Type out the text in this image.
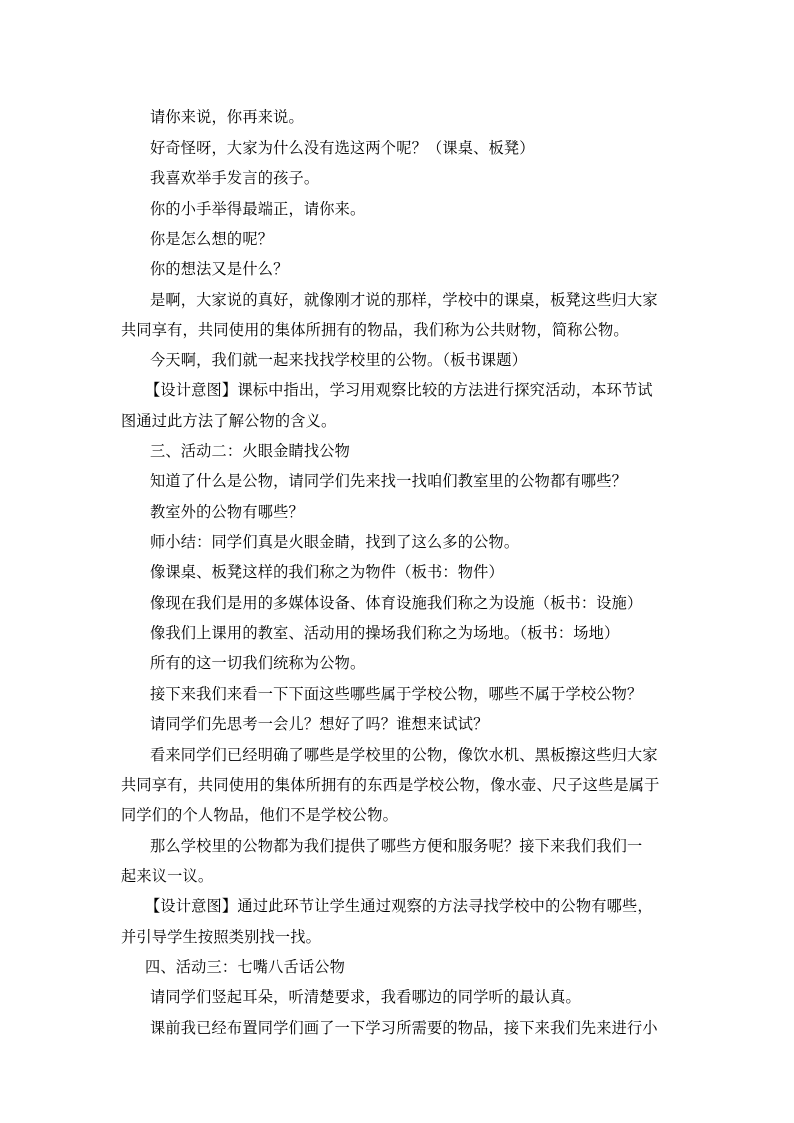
请你来说，你再来说。
好奇怪呀，大家为什么没有选这两个呢？（课桌、板凳）
我喜欢举手发言的孩子。
你的小手举得最端正，请你来。
你是怎么想的呢？
你的想法又是什么？
是啊，大家说的真好，就像刚才说的那样，学校中的课桌，板凳这些归大家
共同享有，共同使用的集体所拥有的物品，我们称为公共财物，简称公物。
今天啊，我们就一起来找找学校里的公物。（板书课题）
【设计意图】课标中指出，学习用观察比较的方法进行探究活动，本环节试
图通过此方法了解公物的含义。
三、活动二：火眼金睛找公物
知道了什么是公物，请同学们先来找一找咱们教室里的公物都有哪些？
教室外的公物有哪些？
师小结：同学们真是火眼金睛，找到了这么多的公物。
像课桌、板凳这样的我们称之为物件（板书：物件）
像现在我们是用的多媒体设备、体育设施我们称之为设施（板书：设施）
像我们上课用的教室、活动用的操场我们称之为场地。（板书：场地）
所有的这一切我们统称为公物。
接下来我们来看一下下面这些哪些属于学校公物，哪些不属于学校公物？
请同学们先思考一会儿？想好了吗？谁想来试试？
看来同学们已经明确了哪些是学校里的公物，像饮水机、黑板擦这些归大家
共同享有，共同使用的集体所拥有的东西是学校公物，像水壶、尺子这些是属于
同学们的个人物品，他们不是学校公物。
那么学校里的公物都为我们提供了哪些方便和服务呢？接下来我们我们一
起来议一议。
【设计意图】通过此环节让学生通过观察的方法寻找学校中的公物有哪些，
并引导学生按照类别找一找。
四、活动三：七嘴八舌话公物
请同学们竖起耳朵，听清楚要求，我看哪边的同学听的最认真。
课前我已经布置同学们画了一下学习所需要的物品，接下来我们先来进行小
